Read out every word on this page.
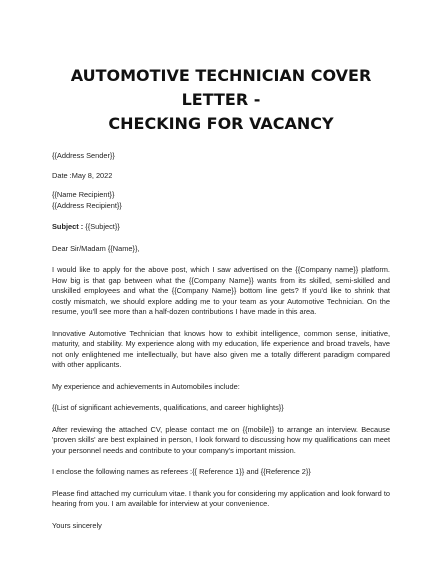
AUTOMOTIVE TECHNICIAN COVER LETTER -
CHECKING FOR VACANCY

{{Address Sender}}

Date :May 8, 2022

{{Name Recipient}}

{{Address Recipient}}

Subject : {{Subject}}

Dear Sir/Madam {{Name}},

I would like to apply for the above post, which I saw advertised on the {{Company name}} platform. How big is that gap between what the {{Company Name}} wants from its skilled, semi-skilled and unskilled employees and what the {{Company Name}} bottom line gets? If you'd like to shrink that costly mismatch, we should explore adding me to your team as your Automotive Technician. On the resume, you'll see more than a half-dozen contributions I have made in this area.

Innovative Automotive Technician that knows how to exhibit intelligence, common sense, initiative, maturity, and stability. My experience along with my education, life experience and broad travels, have not only enlightened me intellectually, but have also given me a totally different paradigm compared with other applicants.

My experience and achievements in Automobiles include:

{{List of significant achievements, qualifications, and career highlights}}

After reviewing the attached CV, please contact me on {{mobile}} to arrange an interview. Because 'proven skills' are best explained in person, I look forward to discussing how my qualifications can meet your personnel needs and contribute to your company's important mission.

I enclose the following names as referees :{{ Reference 1}} and {{Reference 2}}

Please find attached my curriculum vitae. I thank you for considering my application and look forward to hearing from you. I am available for interview at your convenience.

Yours sincerely
